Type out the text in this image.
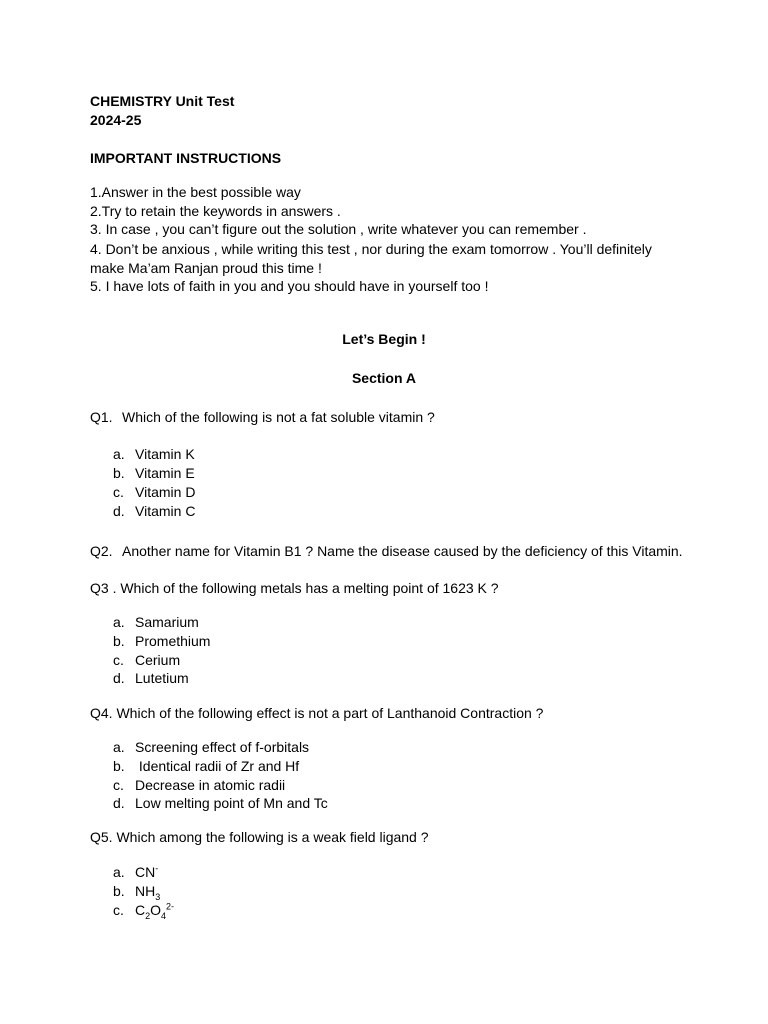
CHEMISTRY Unit Test
2024-25
IMPORTANT INSTRUCTIONS
1.Answer in the best possible way
2.Try to retain the keywords in answers .
3. In case , you can’t figure out the solution , write whatever you can remember .
4. Don’t be anxious , while writing this test , nor during the exam tomorrow . You’ll definitely make Ma’am Ranjan proud this time !
5. I have lots of faith in you and you should have in yourself too !
Let’s Begin !
Section A
Q1. Which of the following is not a fat soluble vitamin ?
a. Vitamin K
b. Vitamin E
c. Vitamin D
d. Vitamin C
Q2. Another name for Vitamin B1 ? Name the disease caused by the deficiency of this Vitamin.
Q3 . Which of the following metals has a melting point of 1623 K ?
a. Samarium
b. Promethium
c. Cerium
d. Lutetium
Q4. Which of the following effect is not a part of Lanthanoid Contraction ?
a. Screening effect of f-orbitals
b. Identical radii of Zr and Hf
c. Decrease in atomic radii
d. Low melting point of Mn and Tc
Q5. Which among the following is a weak field ligand ?
a. CN-
b. $NH_3$
c. $C_2O_4^{2-}$
